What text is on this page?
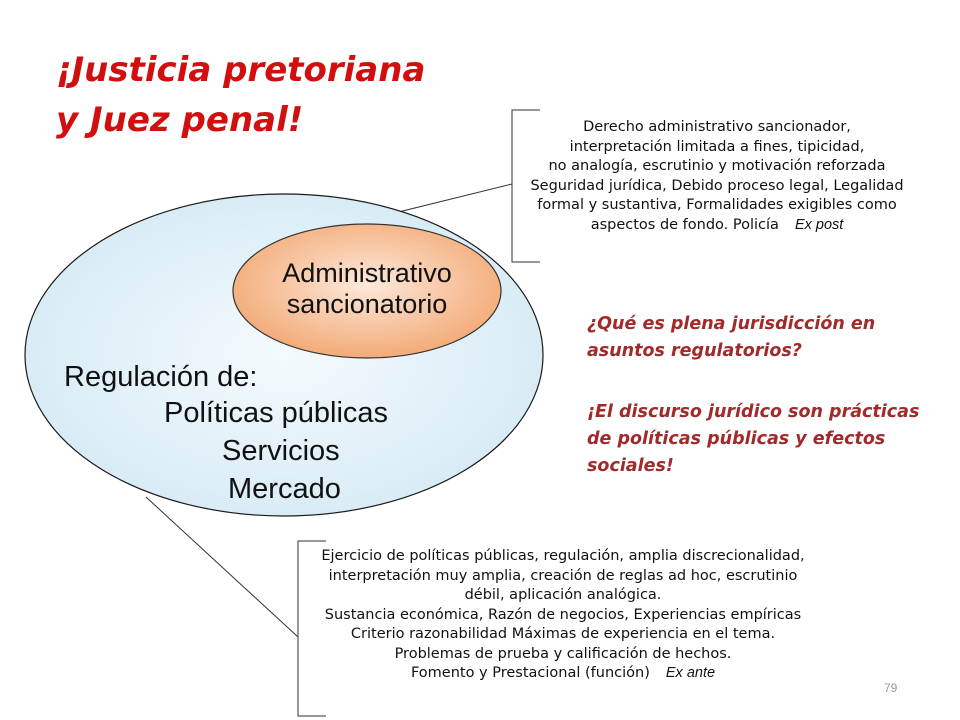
¡Justicia pretoriana
y Juez penal!	Derecho administrativo sancionador,
interpretación limitada a fines, tipicidad,
no analogía, escrutinio y motivación reforzada
Seguridad jurídica, Debido proceso legal, Legalidad
formal y sustantiva, Formalidades exigibles como
aspectos de fondo. Policía Ex post
Administrativo
sancionatorio
Regulación de:
Políticas públicas
Servicios
Mercado
¿Qué es plena jurisdicción en
asuntos regulatorios?
¡El discurso jurídico son prácticas
de políticas públicas y efectos
sociales!
Ejercicio de políticas públicas, regulación, amplia discrecionalidad,
interpretación muy amplia, creación de reglas ad hoc, escrutinio
débil, aplicación analógica.
Sustancia económica, Razón de negocios, Experiencias empíricas
Criterio razonabilidad Máximas de experiencia en el tema.
Problemas de prueba y calificación de hechos.
Fomento y Prestacional (función) Ex ante
79
